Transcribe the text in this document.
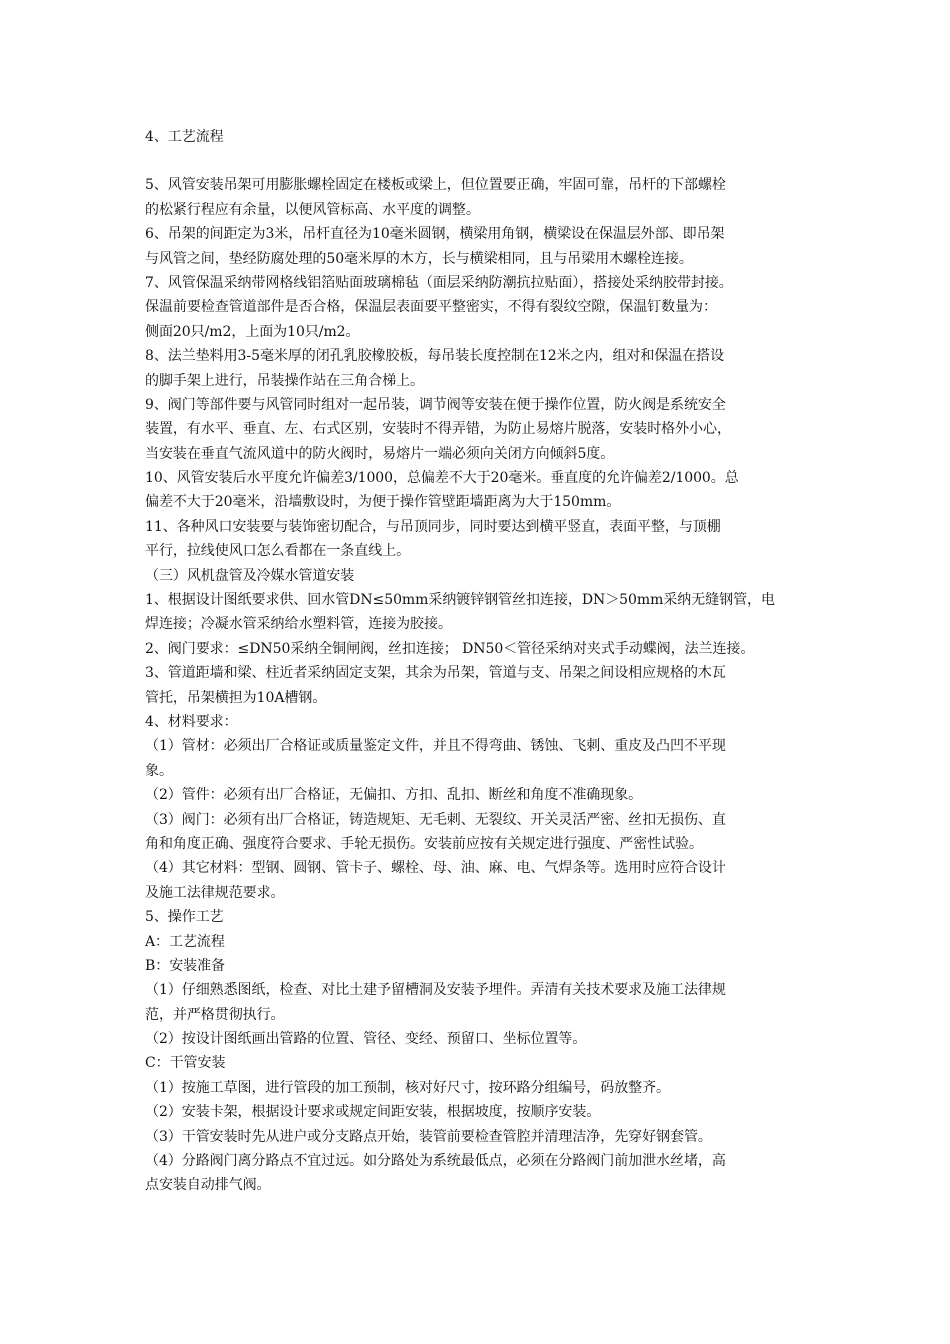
4、工艺流程
5、风管安装吊架可用膨胀螺栓固定在楼板或梁上，但位置要正确，牢固可靠，吊杆的下部螺栓
的松紧行程应有余量，以便风管标高、水平度的调整。
6、吊架的间距定为3米，吊杆直径为10毫米圆钢，横梁用角钢，横梁设在保温层外部、即吊架
与风管之间，垫经防腐处理的50毫米厚的木方，长与横梁相同，且与吊梁用木螺栓连接。
7、风管保温采纳带网格线铝箔贴面玻璃棉毡（面层采纳防潮抗拉贴面），搭接处采纳胶带封接。
保温前要检查管道部件是否合格，保温层表面要平整密实，不得有裂纹空隙，保温钉数量为：
侧面20只/m2，上面为10只/m2。
8、法兰垫料用3-5毫米厚的闭孔乳胶橡胶板，每吊装长度控制在12米之内，组对和保温在搭设
的脚手架上进行，吊装操作站在三角合梯上。
9、阀门等部件要与风管同时组对一起吊装，调节阀等安装在便于操作位置，防火阀是系统安全
装置，有水平、垂直、左、右式区别，安装时不得弄错，为防止易熔片脱落，安装时格外小心，
当安装在垂直气流风道中的防火阀时，易熔片一端必须向关闭方向倾斜5度。
10、风管安装后水平度允许偏差3/1000，总偏差不大于20毫米。垂直度的允许偏差2/1000。总
偏差不大于20毫米，沿墙敷设时，为便于操作管壁距墙距离为大于150mm。
11、各种风口安装要与装饰密切配合，与吊顶同步，同时要达到横平竖直，表面平整，与顶棚
平行，拉线使风口怎么看都在一条直线上。
（三）风机盘管及冷媒水管道安装
1、根据设计图纸要求供、回水管DN≤50mm采纳镀锌钢管丝扣连接，DN＞50mm采纳无缝钢管，电
焊连接；冷凝水管采纳给水塑料管，连接为胶接。
2、阀门要求：≤DN50采纳全铜闸阀，丝扣连接； DN50＜管径采纳对夹式手动蝶阀，法兰连接。
3、管道距墙和梁、柱近者采纳固定支架，其余为吊架，管道与支、吊架之间设相应规格的木瓦
管托，吊架横担为10A槽钢。
4、材料要求：
（1）管材：必须出厂合格证或质量鉴定文件，并且不得弯曲、锈蚀、飞刺、重皮及凸凹不平现
象。
（2）管件：必须有出厂合格证，无偏扣、方扣、乱扣、断丝和角度不准确现象。
（3）阀门：必须有出厂合格证，铸造规矩、无毛刺、无裂纹、开关灵活严密、丝扣无损伤、直
角和角度正确、强度符合要求、手轮无损伤。安装前应按有关规定进行强度、严密性试验。
（4）其它材料：型钢、圆钢、管卡子、螺栓、母、油、麻、电、气焊条等。选用时应符合设计
及施工法律规范要求。
5、操作工艺
A：工艺流程
B：安装准备
（1）仔细熟悉图纸，检查、对比土建予留槽洞及安装予埋件。弄清有关技术要求及施工法律规
范，并严格贯彻执行。
（2）按设计图纸画出管路的位置、管径、变经、预留口、坐标位置等。
C：干管安装
（1）按施工草图，进行管段的加工预制，核对好尺寸，按环路分组编号，码放整齐。
（2）安装卡架，根据设计要求或规定间距安装，根据坡度，按顺序安装。
（3）干管安装时先从进户或分支路点开始，装管前要检查管腔并清理洁净，先穿好钢套管。
（4）分路阀门离分路点不宜过远。如分路处为系统最低点，必须在分路阀门前加泄水丝堵，高
点安装自动排气阀。
